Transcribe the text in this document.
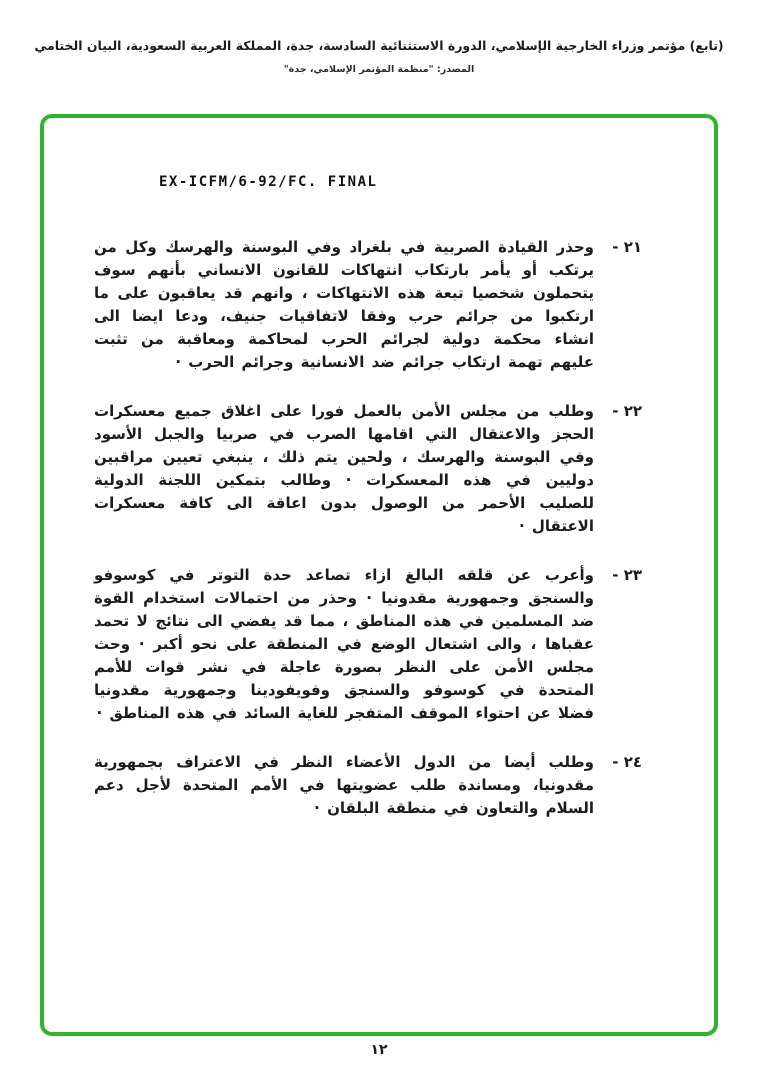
(تابع) مؤتمر وزراء الخارجية الإسلامي، الدورة الاستثنائية السادسة، جدة، المملكة العربية السعودية، البيان الختامي
المصدر: "منظمة المؤتمر الإسلامي، جدة"
EX-ICFM/6-92/FC. FINAL
٢١ -
وحذر القيادة الصربية في بلغراد وفي البوسنة والهرسك وكل من يرتكب أو يأمر بارتكاب انتهاكات للقانون الانساني بأنهم سوف يتحملون شخصيا تبعة هذه الانتهاكات ، وانهم قد يعاقبون على ما ارتكبوا من جرائم حرب وفقا لاتفاقيات جنيف، ودعا ايضا الى انشاء محكمة دولية لجرائم الحرب لمحاكمة ومعاقبة من تثبت عليهم تهمة ارتكاب جرائم ضد الانسانية وجرائم الحرب ·
٢٢ -
وطلب من مجلس الأمن بالعمل فورا على اغلاق جميع معسكرات الحجز والاعتقال التي اقامها الصرب في صربيا والجبل الأسود وفي البوسنة والهرسك ، ولحين يتم ذلك ، ينبغي تعيين مراقبين دوليين في هذه المعسكرات · وطالب بتمكين اللجنة الدولية للصليب الأحمر من الوصول بدون اعاقة الى كافة معسكرات الاعتقال ·
٢٣ -
وأعرب عن قلقه البالغ ازاء تصاعد حدة التوتر في كوسوفو والسنجق وجمهورية مقدونيا · وحذر من احتمالات استخدام القوة ضد المسلمين في هذه المناطق ، مما قد يفضي الى نتائج لا تحمد عقباها ، والى اشتعال الوضع في المنطقة على نحو أكبر · وحث مجلس الأمن على النظر بصورة عاجلة في نشر قوات للأمم المتحدة في كوسوفو والسنجق وفويفودينا وجمهورية مقدونيا فضلا عن احتواء الموقف المتفجر للغاية السائد في هذه المناطق ·
٢٤ -
وطلب أيضا من الدول الأعضاء النظر في الاعتراف بجمهورية مقدونيا، ومساندة طلب عضويتها في الأمم المتحدة لأجل دعم السلام والتعاون في منطقة البلقان ·
١٢
